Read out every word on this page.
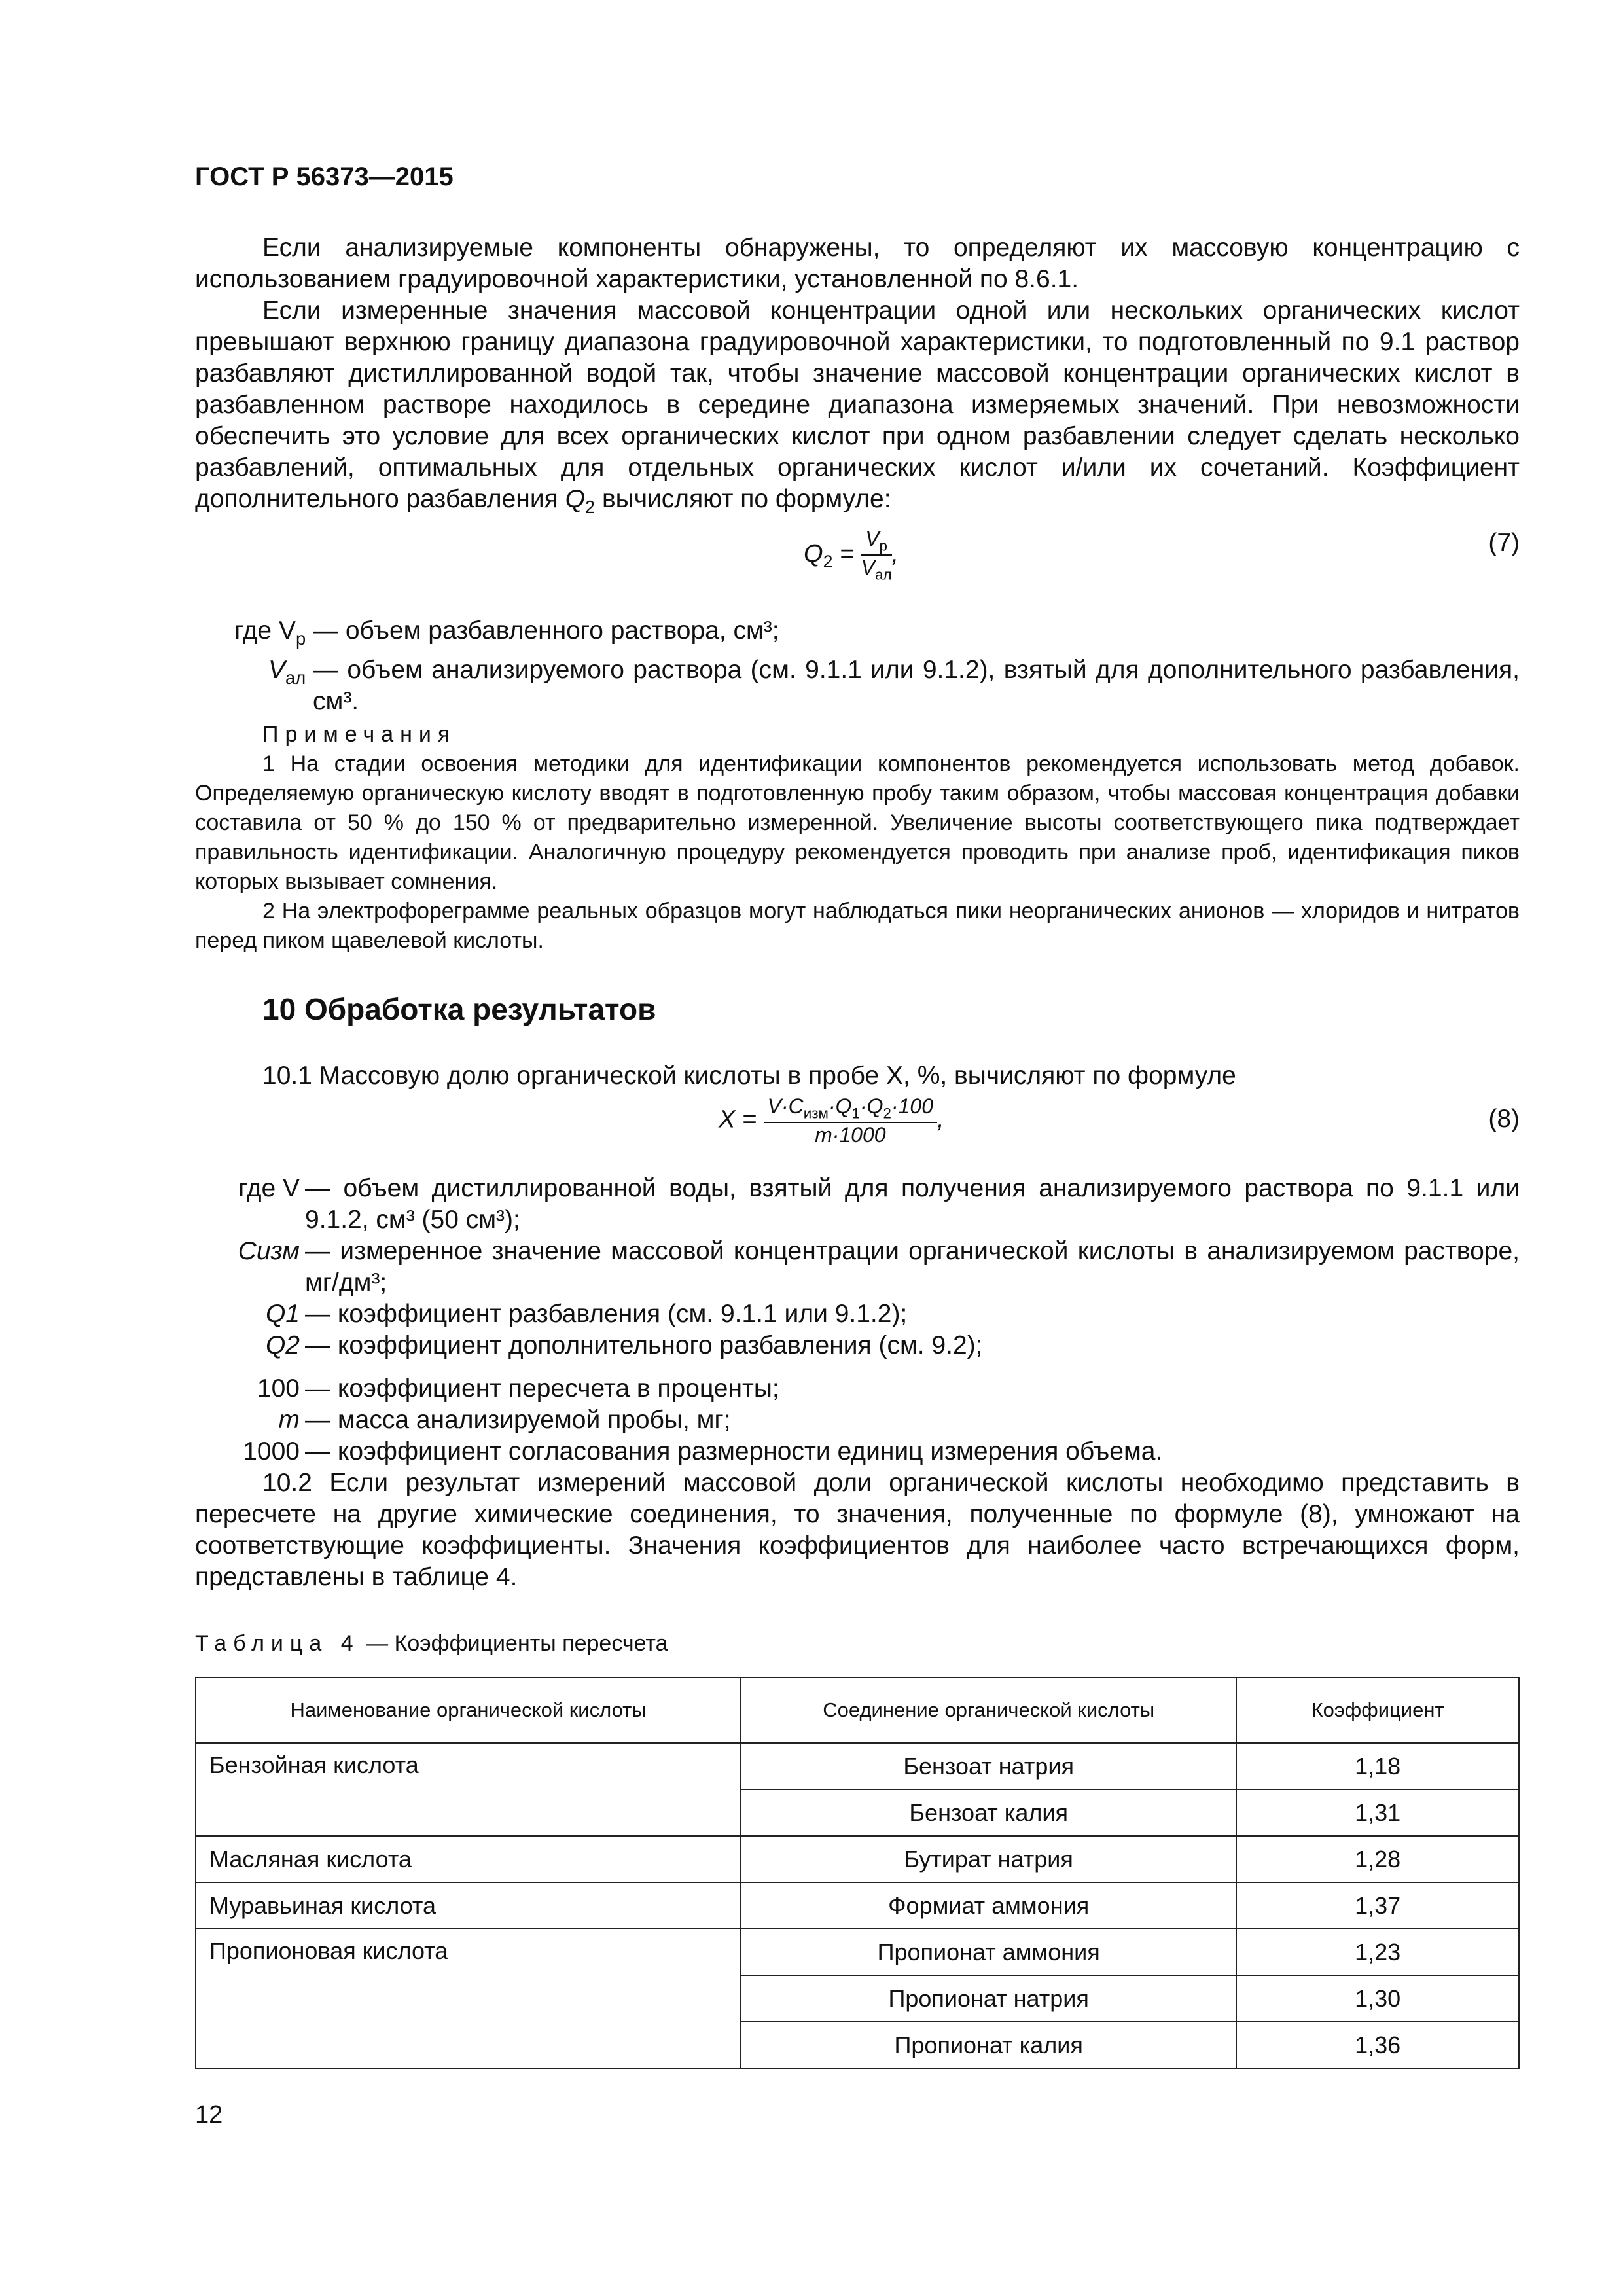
ГОСТ Р 56373—2015

Если анализируемые компоненты обнаружены, то определяют их массовую концентрацию с использованием градуировочной характеристики, установленной по 8.6.1.

Если измеренные значения массовой концентрации одной или нескольких органических кислот превышают верхнюю границу диапазона градуировочной характеристики, то подготовленный по 9.1 раствор разбавляют дистиллированной водой так, чтобы значение массовой концентрации органических кислот в разбавленном растворе находилось в середине диапазона измеряемых значений. При невозможности обеспечить это условие для всех органических кислот при одном разбавлении следует сделать несколько разбавлений, оптимальных для отдельных органических кислот и/или их сочетаний. Коэффициент дополнительного разбавления $Q_2$ вычисляют по формуле:

$Q_2 = \frac{V_р}{V_{ал}}$ ,	(7)
где $V_р$ — объем разбавленного раствора, см³;
$V_{ал}$ — объем анализируемого раствора (см. 9.1.1 или 9.1.2), взятый для дополнительного разбавления, см³.

Примечания

1 На стадии освоения методики для идентификации компонентов рекомендуется использовать метод добавок. Определяемую органическую кислоту вводят в подготовленную пробу таким образом, чтобы массовая концентрация добавки составила от 50 % до 150 % от предварительно измеренной. Увеличение высоты соответствующего пика подтверждает правильность идентификации. Аналогичную процедуру рекомендуется проводить при анализе проб, идентификация пиков которых вызывает сомнения.

2 На электрофореграмме реальных образцов могут наблюдаться пики неорганических анионов — хлоридов и нитратов перед пиком щавелевой кислоты.

10 Обработка результатов

10.1 Массовую долю органической кислоты в пробе X, %, вычисляют по формуле

$X = \frac{V\cdot C_{изм}\cdot Q_1\cdot Q_2\cdot 100}{m\cdot 1000}$ ,	(8)
где V — объем дистиллированной воды, взятый для получения анализируемого раствора по 9.1.1 или 9.1.2, см³ (50 см³);
Cизм — измеренное значение массовой концентрации органической кислоты в анализируемом растворе, мг/дм³;
Q1 — коэффициент разбавления (см. 9.1.1 или 9.1.2);
Q2 — коэффициент дополнительного разбавления (см. 9.2);
100 — коэффициент пересчета в проценты;
m — масса анализируемой пробы, мг;
1000 — коэффициент согласования размерности единиц измерения объема.

10.2 Если результат измерений массовой доли органической кислоты необходимо представить в пересчете на другие химические соединения, то значения, полученные по формуле (8), умножают на соответствующие коэффициенты. Значения коэффициентов для наиболее часто встречающихся форм, представлены в таблице 4.

Таблица 4 — Коэффициенты пересчета
Наименование органической кислоты	Соединение органической кислоты	Коэффициент
Бензойная кислота	Бензоат натрия	1,18
	Бензоат калия	1,31
Масляная кислота	Бутират натрия	1,28
Муравьиная кислота	Формиат аммония	1,37
Пропионовая кислота	Пропионат аммония	1,23
	Пропионат натрия	1,30
	Пропионат калия	1,36
12
